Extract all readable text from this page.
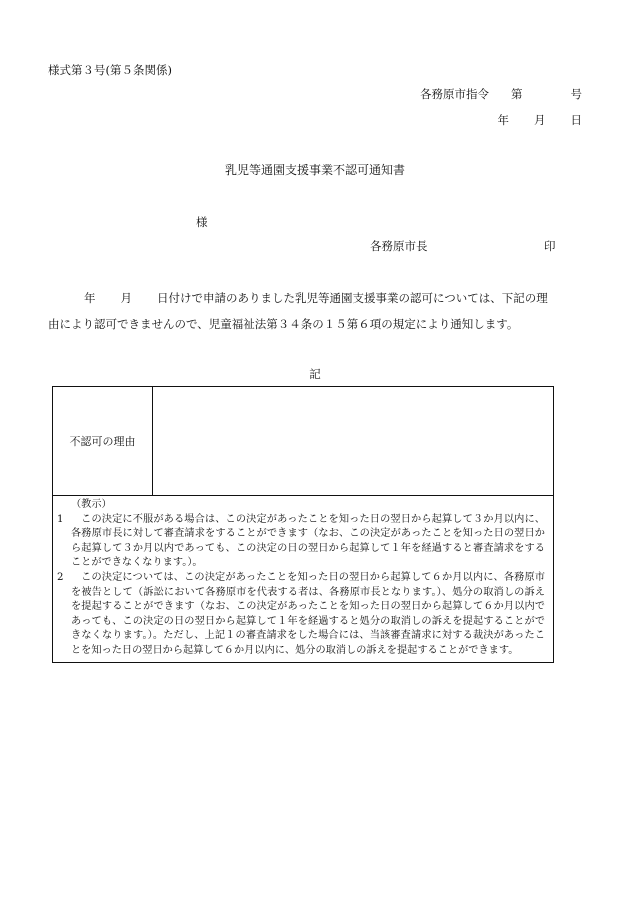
様式第３号(第５条関係)
各務原市指令 第	号
年 月 日
乳児等通園支援事業不認可通知書
様
各務原市長	印
年 月 日付けで申請のありました乳児等通園支援事業の認可については、下記の理
由により認可できませんので、児童福祉法第３４条の１５第６項の規定により通知します。
記
不認可の理由	

（教示）
1 この決定に不服がある場合は、この決定があったことを知った日の翌日から起算して３か月以内に、各務原市長に対して審査請求をすることができます（なお、この決定があったことを知った日の翌日から起算して３か月以内であっても、この決定の日の翌日から起算して１年を経過すると審査請求をすることができなくなります。）。
2 この決定については、この決定があったことを知った日の翌日から起算して６か月以内に、各務原市を被告として（訴訟において各務原市を代表する者は、各務原市長となります。）、処分の取消しの訴えを提起することができます（なお、この決定があったことを知った日の翌日から起算して６か月以内であっても、この決定の日の翌日から起算して１年を経過すると処分の取消しの訴えを提起することができなくなります。）。ただし、上記１の審査請求をした場合には、当該審査請求に対する裁決があったことを知った日の翌日から起算して６か月以内に、処分の取消しの訴えを提起することができます。
